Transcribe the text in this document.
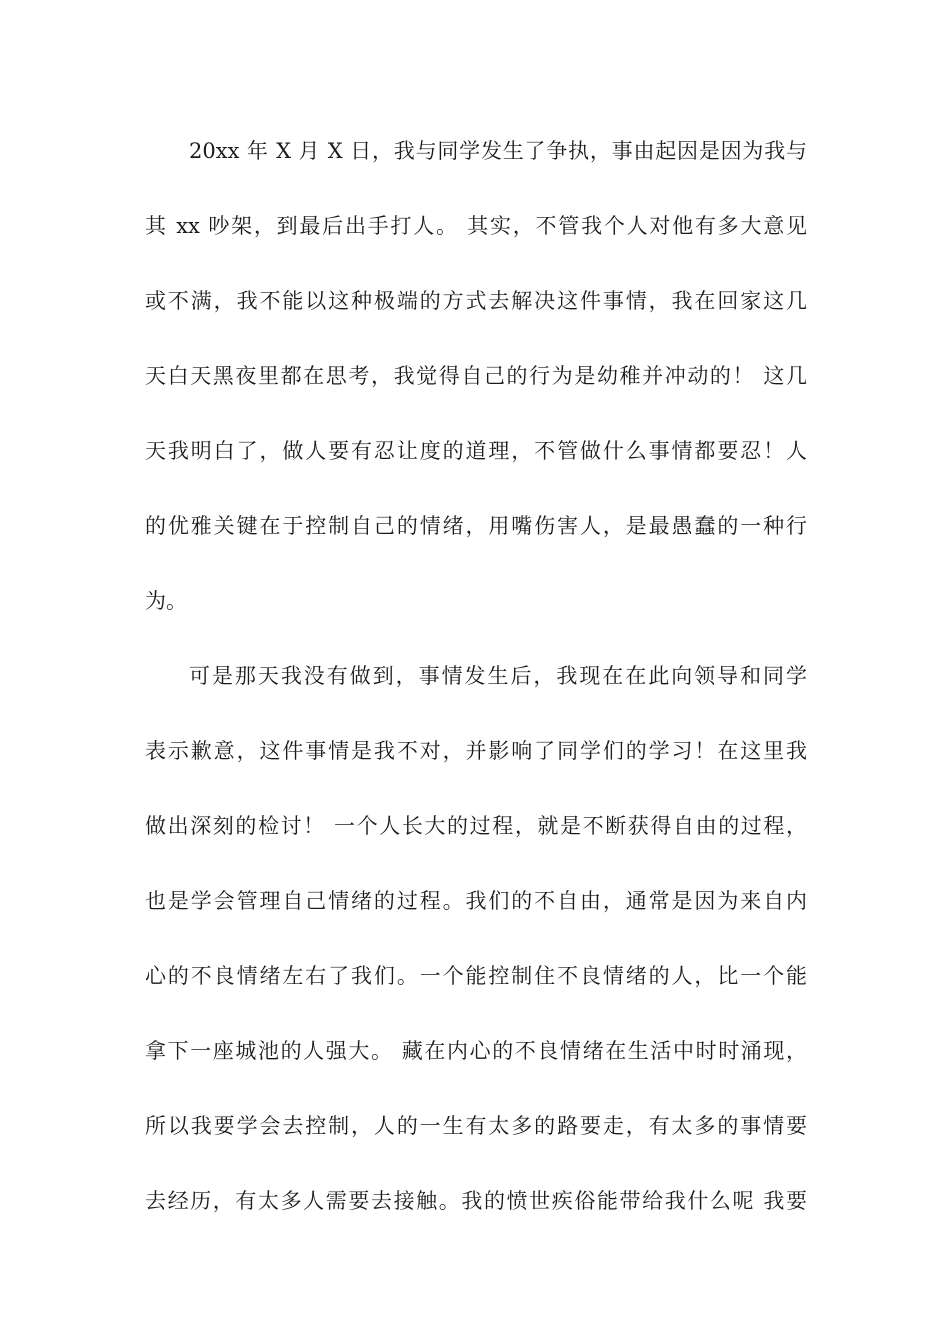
20xx 年 X 月 X 日，我与同学发生了争执，事由起因是因为我与
其 xx 吵架，到最后出手打人。 其实，不管我个人对他有多大意见
或不满，我不能以这种极端的方式去解决这件事情，我在回家这几
天白天黑夜里都在思考，我觉得自己的行为是幼稚并冲动的！ 这几
天我明白了，做人要有忍让度的道理，不管做什么事情都要忍！人
的优雅关键在于控制自己的情绪，用嘴伤害人，是最愚蠢的一种行
为。
可是那天我没有做到，事情发生后，我现在在此向领导和同学
表示歉意，这件事情是我不对，并影响了同学们的学习！在这里我
做出深刻的检讨！ 一个人长大的过程，就是不断获得自由的过程，
也是学会管理自己情绪的过程。我们的不自由，通常是因为来自内
心的不良情绪左右了我们。一个能控制住不良情绪的人，比一个能
拿下一座城池的人强大。 藏在内心的不良情绪在生活中时时涌现，
所以我要学会去控制，人的一生有太多的路要走，有太多的事情要
去经历，有太多人需要去接触。我的愤世疾俗能带给我什么呢 我要
